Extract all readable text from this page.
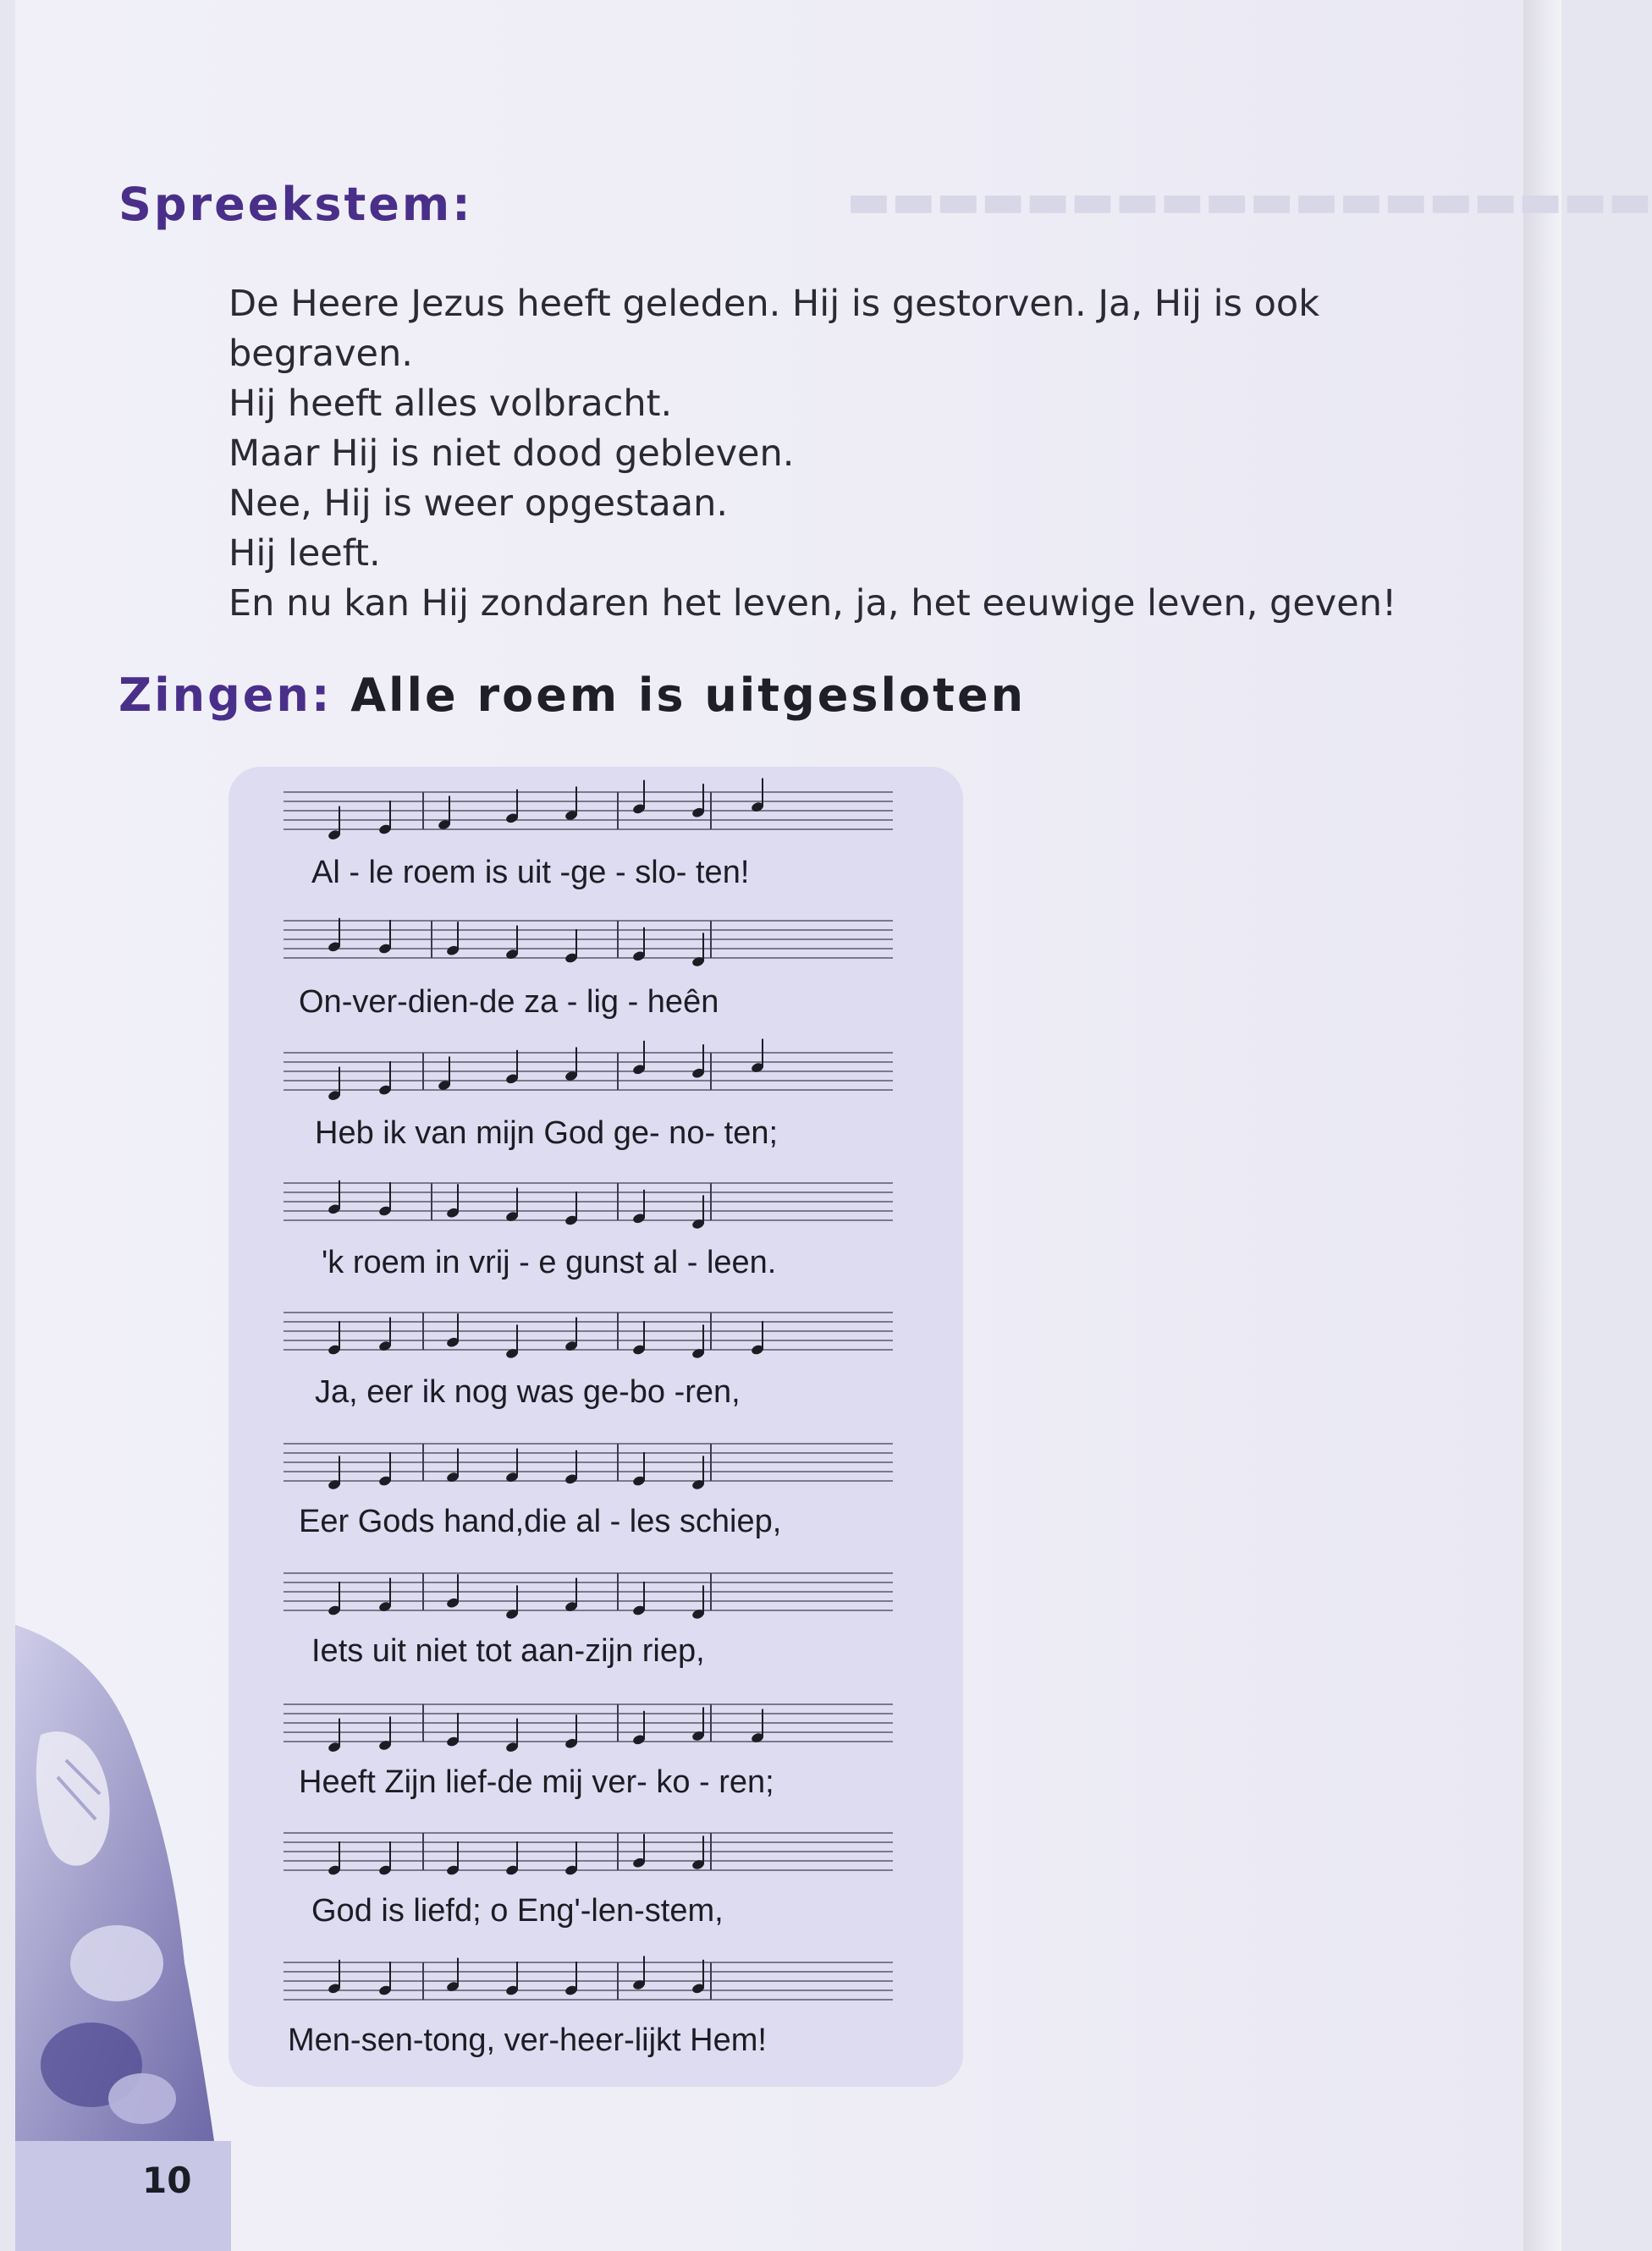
▬▬▬▬▬▬▬▬▬▬▬▬▬▬▬▬▬▬
Spreekstem:
De Heere Jezus heeft geleden. Hij is gestorven. Ja, Hij is ook
begraven.
Hij heeft alles volbracht.
Maar Hij is niet dood gebleven.
Nee, Hij is weer opgestaan.
Hij leeft.
En nu kan Hij zondaren het leven, ja, het eeuwige leven, geven!
Zingen: Alle roem is uitgesloten
Al - le roem is uit -ge - slo- ten!
On-ver-dien-de za - lig - heên
Heb ik van mijn God ge- no- ten;
'k roem in vrij - e gunst al - leen.
Ja, eer ik nog was ge-bo -ren,
Eer Gods hand,die al - les schiep,
Iets uit niet tot aan-zijn riep,
Heeft Zijn lief-de mij ver- ko - ren;
God is liefd; o Eng'-len-stem,
Men-sen-tong, ver-heer-lijkt Hem!
10
